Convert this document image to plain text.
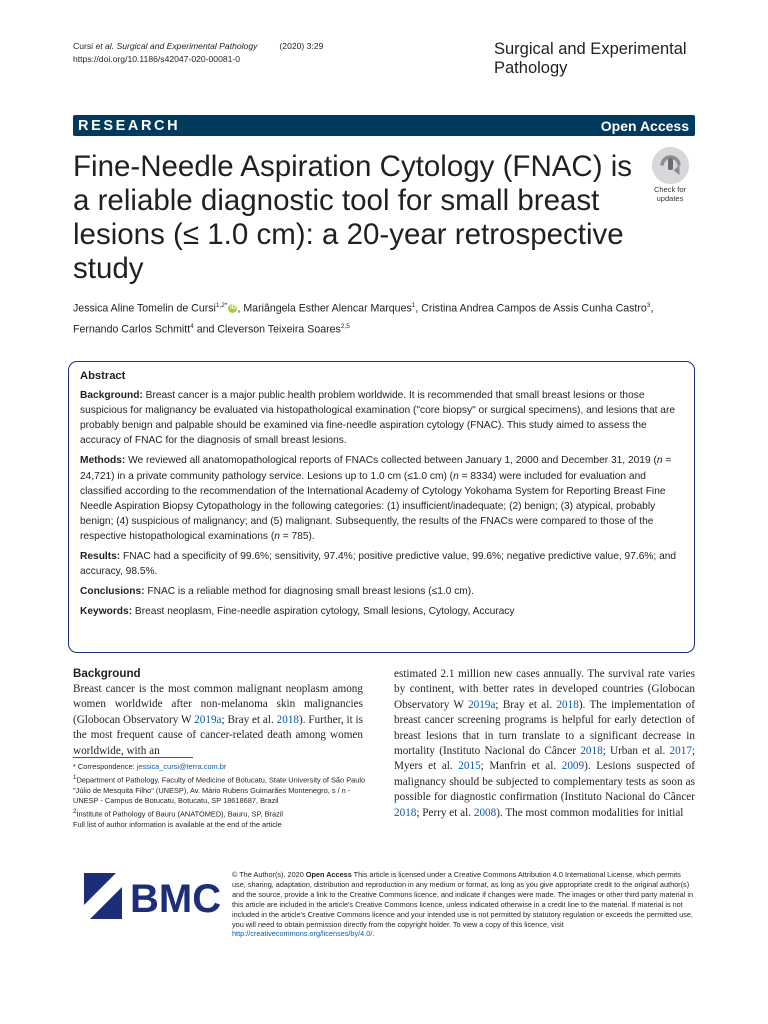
Cursi et al. Surgical and Experimental Pathology	(2020) 3:29
https://doi.org/10.1186/s42047-020-00081-0
Surgical and Experimental
Pathology
RESEARCH	Open Access
Fine-Needle Aspiration Cytology (FNAC) is a reliable diagnostic tool for small breast lesions (≤ 1.0 cm): a 20-year retrospective study
Check for
updates
Jessica Aline Tomelin de Cursi$^{1,2*}$ iD , Mariângela Esther Alencar Marques$^1$, Cristina Andrea Campos de Assis Cunha Castro$^3$,
Fernando Carlos Schmitt$^4$ and Cleverson Teixeira Soares$^{2,5}$
Abstract

Background: Breast cancer is a major public health problem worldwide. It is recommended that small breast lesions or those suspicious for malignancy be evaluated via histopathological examination ("core biopsy" or surgical specimens), and lesions that are probably benign and palpable should be examined via fine-needle aspiration cytology (FNAC). This study aimed to assess the accuracy of FNAC for the diagnosis of small breast lesions.

Methods: We reviewed all anatomopathological reports of FNACs collected between January 1, 2000 and December 31, 2019 (n = 24,721) in a private community pathology service. Lesions up to 1.0 cm (≤1.0 cm) (n = 8334) were included for evaluation and classified according to the recommendation of the International Academy of Cytology Yokohama System for Reporting Breast Fine Needle Aspiration Biopsy Cytopathology in the following categories: (1) insufficient/inadequate; (2) benign; (3) atypical, probably benign; (4) suspicious of malignancy; and (5) malignant. Subsequently, the results of the FNACs were compared to those of the respective histopathological examinations (n = 785).

Results: FNAC had a specificity of 99.6%; sensitivity, 97.4%; positive predictive value, 99.6%; negative predictive value, 97.6%; and accuracy, 98.5%.

Conclusions: FNAC is a reliable method for diagnosing small breast lesions (≤1.0 cm).

Keywords: Breast neoplasm, Fine-needle aspiration cytology, Small lesions, Cytology, Accuracy

Background
Breast cancer is the most common malignant neoplasm among women worldwide after non-melanoma skin malignancies (Globocan Observatory W 2019a; Bray et al. 2018). Further, it is the most frequent cause of cancer-related death among women worldwide, with an
estimated 2.1 million new cases annually. The survival rate varies by continent, with better rates in developed countries (Globocan Observatory W 2019a; Bray et al. 2018). The implementation of breast cancer screening programs is helpful for early detection of breast lesions that in turn translate to a significant decrease in mortality (Instituto Nacional do Câncer 2018; Urban et al. 2017; Myers et al. 2015; Manfrin et al. 2009). Lesions suspected of malignancy should be subjected to complementary tests as soon as possible for diagnostic confirmation (Instituto Nacional do Câncer 2018; Perry et al. 2008). The most common modalities for initial

* Correspondence: jessica_cursi@terra.com.br

$^1$Department of Pathology, Faculty of Medicine of Botucatu, State University of São Paulo "Júlio de Mesquita Filho" (UNESP), Av. Mário Rubens Guimarães Montenegro, s / n - UNESP - Campus de Botucatu, Botucatu, SP 18618687, Brazil

$^2$Institute of Pathology of Bauru (ANATOMED), Bauru, SP, Brazil

Full list of author information is available at the end of the article

BMC
© The Author(s). 2020 Open Access This article is licensed under a Creative Commons Attribution 4.0 International License, which permits use, sharing, adaptation, distribution and reproduction in any medium or format, as long as you give appropriate credit to the original author(s) and the source, provide a link to the Creative Commons licence, and indicate if changes were made. The images or other third party material in this article are included in the article's Creative Commons licence, unless indicated otherwise in a credit line to the material. If material is not included in the article's Creative Commons licence and your intended use is not permitted by statutory regulation or exceeds the permitted use, you will need to obtain permission directly from the copyright holder. To view a copy of this licence, visit http://creativecommons.org/licenses/by/4.0/.
